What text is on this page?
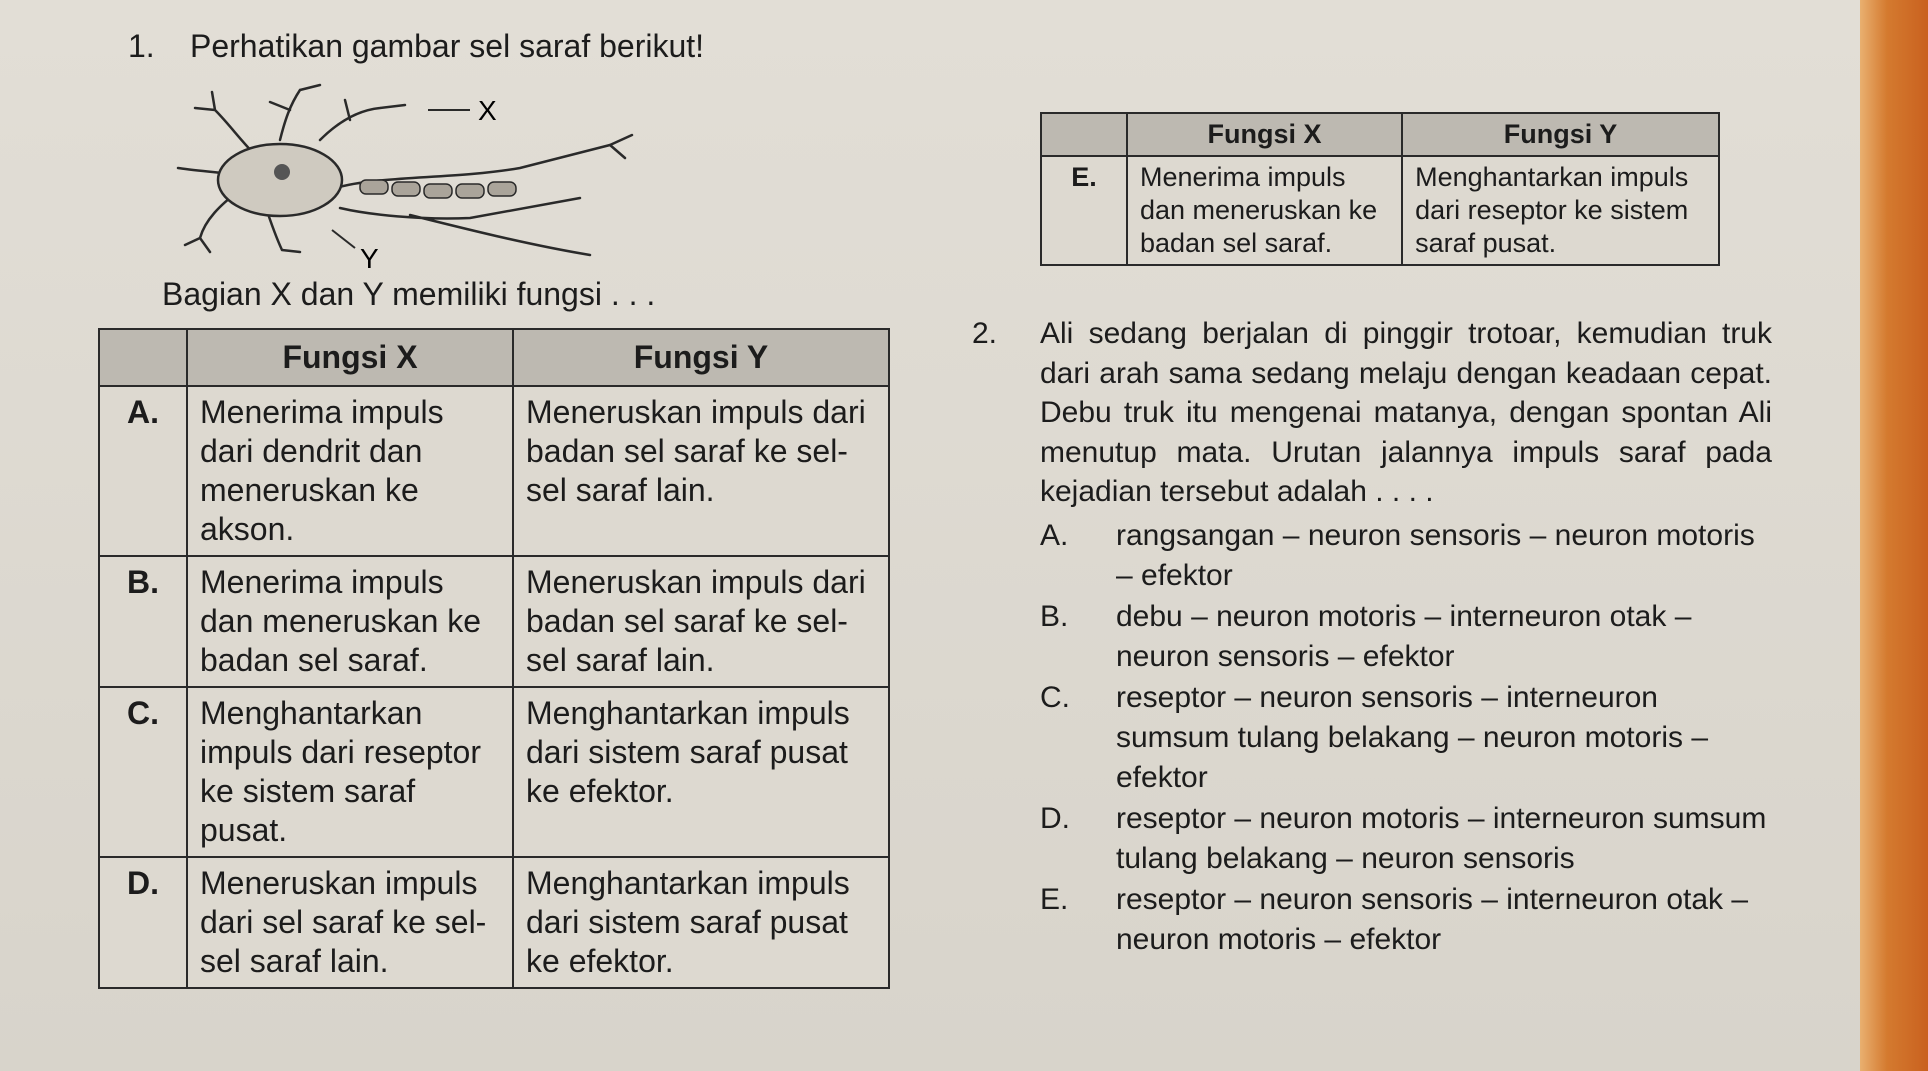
1. Perhatikan gambar sel saraf berikut!
X
Y
Bagian X dan Y memiliki fungsi . . .
	Fungsi X	Fungsi Y
A.	Menerima impuls dari dendrit dan meneruskan ke akson.	Meneruskan impuls dari badan sel saraf ke sel-sel saraf lain.
B.	Menerima impuls dan meneruskan ke badan sel saraf.	Meneruskan impuls dari badan sel saraf ke sel-sel saraf lain.
C.	Menghantarkan impuls dari reseptor ke sistem saraf pusat.	Menghantarkan impuls dari sistem saraf pusat ke efektor.
D.	Meneruskan impuls dari sel saraf ke sel-sel saraf lain.	Menghantarkan impuls dari sistem saraf pusat ke efektor.
	Fungsi X	Fungsi Y
E.	Menerima impuls dan meneruskan ke badan sel saraf.	Menghantarkan impuls dari reseptor ke sistem saraf pusat.
2. Ali sedang berjalan di pinggir trotoar, kemudian truk dari arah sama sedang melaju dengan keadaan cepat. Debu truk itu mengenai matanya, dengan spontan Ali menutup mata. Urutan jalannya impuls saraf pada kejadian tersebut adalah . . . .
A. rangsangan – neuron sensoris – neuron motoris – efektor
B. debu – neuron motoris – interneuron otak – neuron sensoris – efektor
C. reseptor – neuron sensoris – interneuron sumsum tulang belakang – neuron motoris – efektor
D. reseptor – neuron motoris – interneuron sumsum tulang belakang – neuron sensoris
E. reseptor – neuron sensoris – interneuron otak – neuron motoris – efektor
